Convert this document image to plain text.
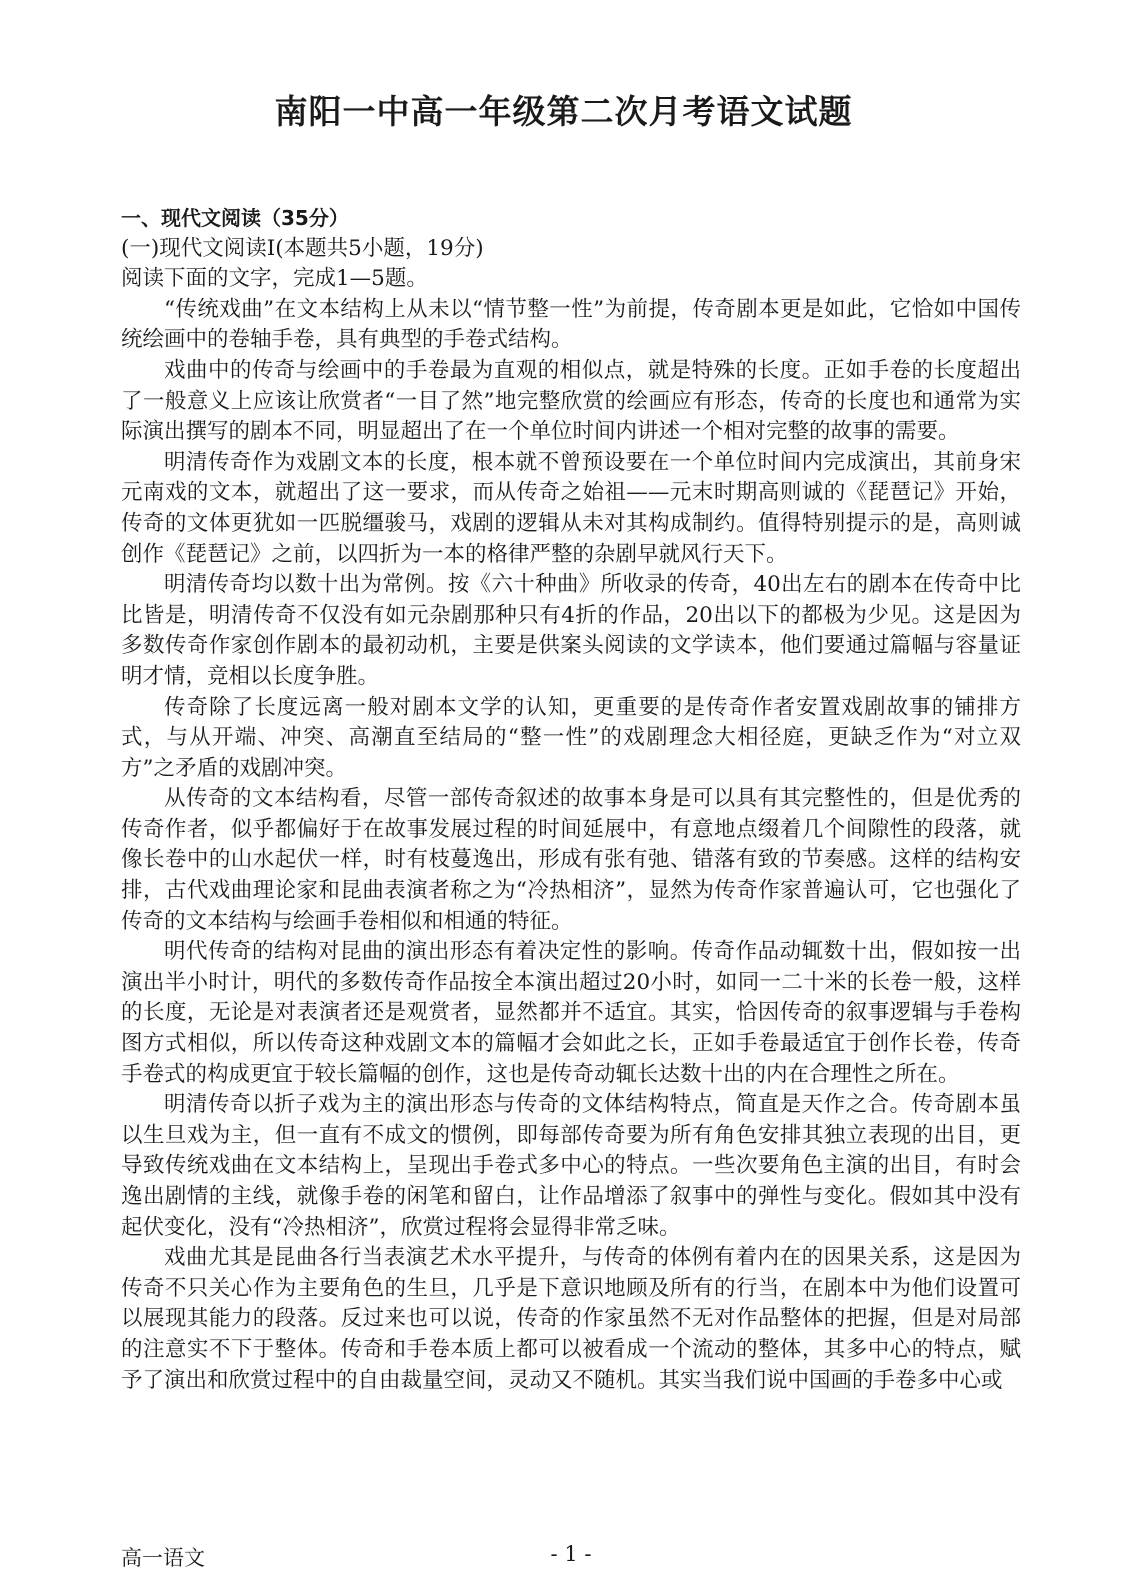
南阳一中高一年级第二次月考语文试题

一、现代文阅读（35分）

(一)现代文阅读Ⅰ(本题共5小题，19分)

阅读下面的文字，完成1—5题。

“传统戏曲”在文本结构上从未以“情节整一性”为前提，传奇剧本更是如此，它恰如中国传统绘画中的卷轴手卷，具有典型的手卷式结构。

戏曲中的传奇与绘画中的手卷最为直观的相似点，就是特殊的长度。正如手卷的长度超出了一般意义上应该让欣赏者“一目了然”地完整欣赏的绘画应有形态，传奇的长度也和通常为实际演出撰写的剧本不同，明显超出了在一个单位时间内讲述一个相对完整的故事的需要。

明清传奇作为戏剧文本的长度，根本就不曾预设要在一个单位时间内完成演出，其前身宋元南戏的文本，就超出了这一要求，而从传奇之始祖——元末时期高则诚的《琵琶记》开始，传奇的文体更犹如一匹脱缰骏马，戏剧的逻辑从未对其构成制约。值得特别提示的是，高则诚创作《琵琶记》之前，以四折为一本的格律严整的杂剧早就风行天下。

明清传奇均以数十出为常例。按《六十种曲》所收录的传奇，40出左右的剧本在传奇中比比皆是，明清传奇不仅没有如元杂剧那种只有4折的作品，20出以下的都极为少见。这是因为多数传奇作家创作剧本的最初动机，主要是供案头阅读的文学读本，他们要通过篇幅与容量证明才情，竞相以长度争胜。

传奇除了长度远离一般对剧本文学的认知，更重要的是传奇作者安置戏剧故事的铺排方式，与从开端、冲突、高潮直至结局的“整一性”的戏剧理念大相径庭，更缺乏作为“对立双方”之矛盾的戏剧冲突。

从传奇的文本结构看，尽管一部传奇叙述的故事本身是可以具有其完整性的，但是优秀的传奇作者，似乎都偏好于在故事发展过程的时间延展中，有意地点缀着几个间隙性的段落，就像长卷中的山水起伏一样，时有枝蔓逸出，形成有张有弛、错落有致的节奏感。这样的结构安排，古代戏曲理论家和昆曲表演者称之为“冷热相济”，显然为传奇作家普遍认可，它也强化了传奇的文本结构与绘画手卷相似和相通的特征。

明代传奇的结构对昆曲的演出形态有着决定性的影响。传奇作品动辄数十出，假如按一出演出半小时计，明代的多数传奇作品按全本演出超过20小时，如同一二十米的长卷一般，这样的长度，无论是对表演者还是观赏者，显然都并不适宜。其实，恰因传奇的叙事逻辑与手卷构图方式相似，所以传奇这种戏剧文本的篇幅才会如此之长，正如手卷最适宜于创作长卷，传奇手卷式的构成更宜于较长篇幅的创作，这也是传奇动辄长达数十出的内在合理性之所在。

明清传奇以折子戏为主的演出形态与传奇的文体结构特点，简直是天作之合。传奇剧本虽以生旦戏为主，但一直有不成文的惯例，即每部传奇要为所有角色安排其独立表现的出目，更导致传统戏曲在文本结构上，呈现出手卷式多中心的特点。一些次要角色主演的出目，有时会逸出剧情的主线，就像手卷的闲笔和留白，让作品增添了叙事中的弹性与变化。假如其中没有起伏变化，没有“冷热相济”，欣赏过程将会显得非常乏味。

戏曲尤其是昆曲各行当表演艺术水平提升，与传奇的体例有着内在的因果关系，这是因为传奇不只关心作为主要角色的生旦，几乎是下意识地顾及所有的行当，在剧本中为他们设置可以展现其能力的段落。反过来也可以说，传奇的作家虽然不无对作品整体的把握，但是对局部的注意实不下于整体。传奇和手卷本质上都可以被看成一个流动的整体，其多中心的特点，赋予了演出和欣赏过程中的自由裁量空间，灵动又不随机。其实当我们说中国画的手卷多中心或

高一语文	- 1 -
